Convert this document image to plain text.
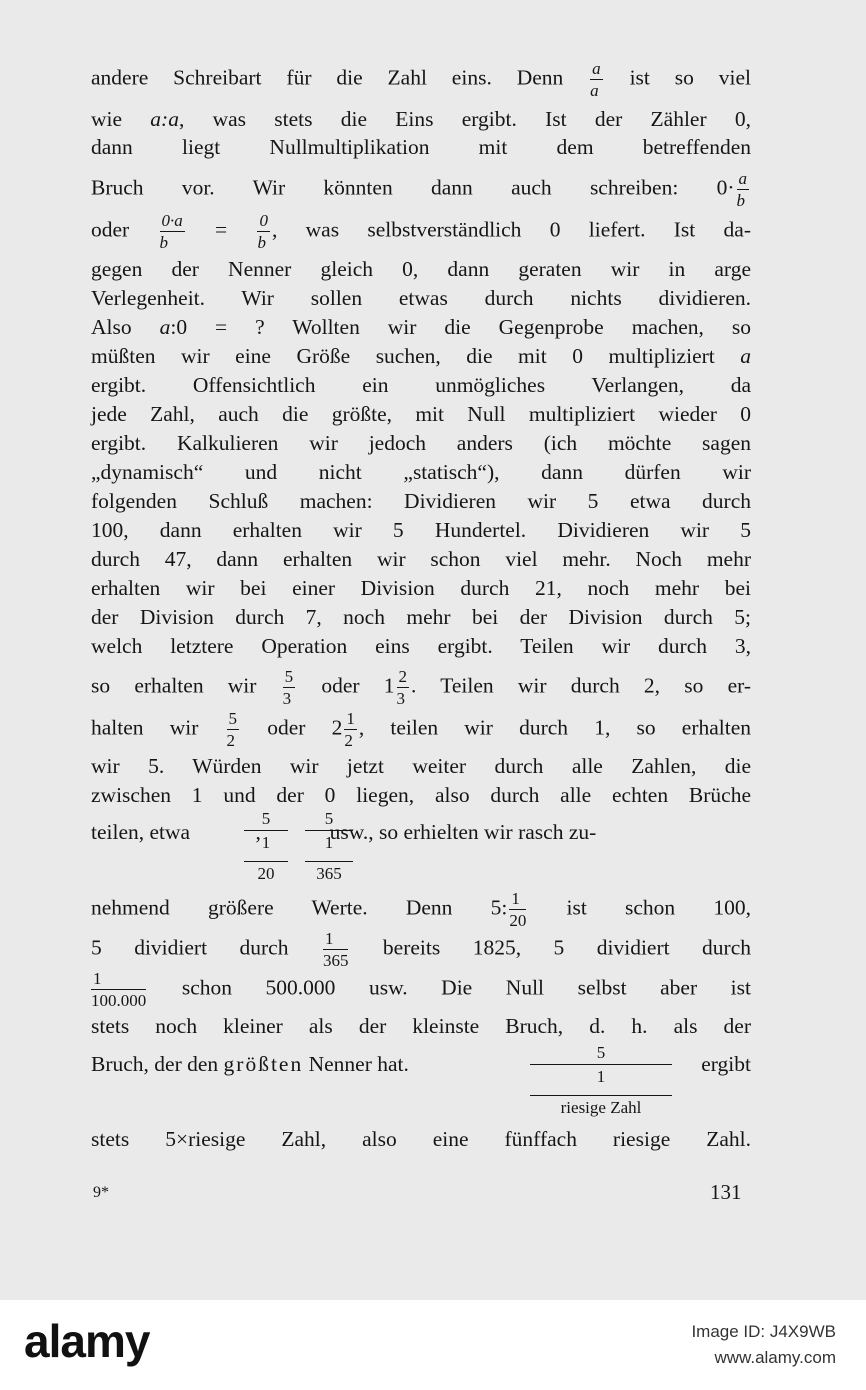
andere Schreibart für die Zahl eins. Denn $\frac{a}{a}$ ist so viel
wie a:a, was stets die Eins ergibt. Ist der Zähler 0,
dann liegt Nullmultiplikation mit dem betreffenden
Bruch vor. Wir könnten dann auch schreiben: $0\cdot \frac{a}{b}$
oder $\frac{0\cdot a}{b} = \frac{0}{b}$ , was selbstverständlich 0 liefert. Ist da-
gegen der Nenner gleich 0, dann geraten wir in arge
Verlegenheit. Wir sollen etwas durch nichts dividieren.
Also a:0 = ? Wollten wir die Gegenprobe machen, so
müßten wir eine Größe suchen, die mit 0 multipliziert a
ergibt. Offensichtlich ein unmögliches Verlangen, da
jede Zahl, auch die größte, mit Null multipliziert wieder 0
ergibt. Kalkulieren wir jedoch anders (ich möchte sagen
„dynamisch“ und nicht „statisch“), dann dürfen wir
folgenden Schluß machen: Dividieren wir 5 etwa durch
100, dann erhalten wir 5 Hundertel. Dividieren wir 5
durch 47, dann erhalten wir schon viel mehr. Noch mehr
erhalten wir bei einer Division durch 21, noch mehr bei
der Division durch 7, noch mehr bei der Division durch 5;
welch letztere Operation eins ergibt. Teilen wir durch 3,
so erhalten wir $\frac{5}{3}$ oder $1 \frac{2}{3}$ . Teilen wir durch 2, so er-
halten wir $\frac{5}{2}$ oder $2 \frac{1}{2}$ , teilen wir durch 1, so erhalten
wir 5. Würden wir jetzt weiter durch alle Zahlen, die
zwischen 1 und der 0 liegen, also durch alle echten Brüche
teilen, etwa	,	usw., so erhielten wir rasch zu-
5
1
20
5
1
365
nehmend größere Werte. Denn 5: $\frac{1}{20}$ ist schon 100,
5 dividiert durch $\frac{1}{365}$ bereits 1825, 5 dividiert durch
$\frac{1}{100.000}$ schon 500.000 usw. Die Null selbst aber ist
stets noch kleiner als der kleinste Bruch, d. h. als der
Bruch, der den größten Nenner hat.	ergibt
5
1
riesige Zahl
stets 5×riesige Zahl, also eine fünffach riesige Zahl.
9*	131
alamy	Image ID: J4X9WB
www.alamy.com
